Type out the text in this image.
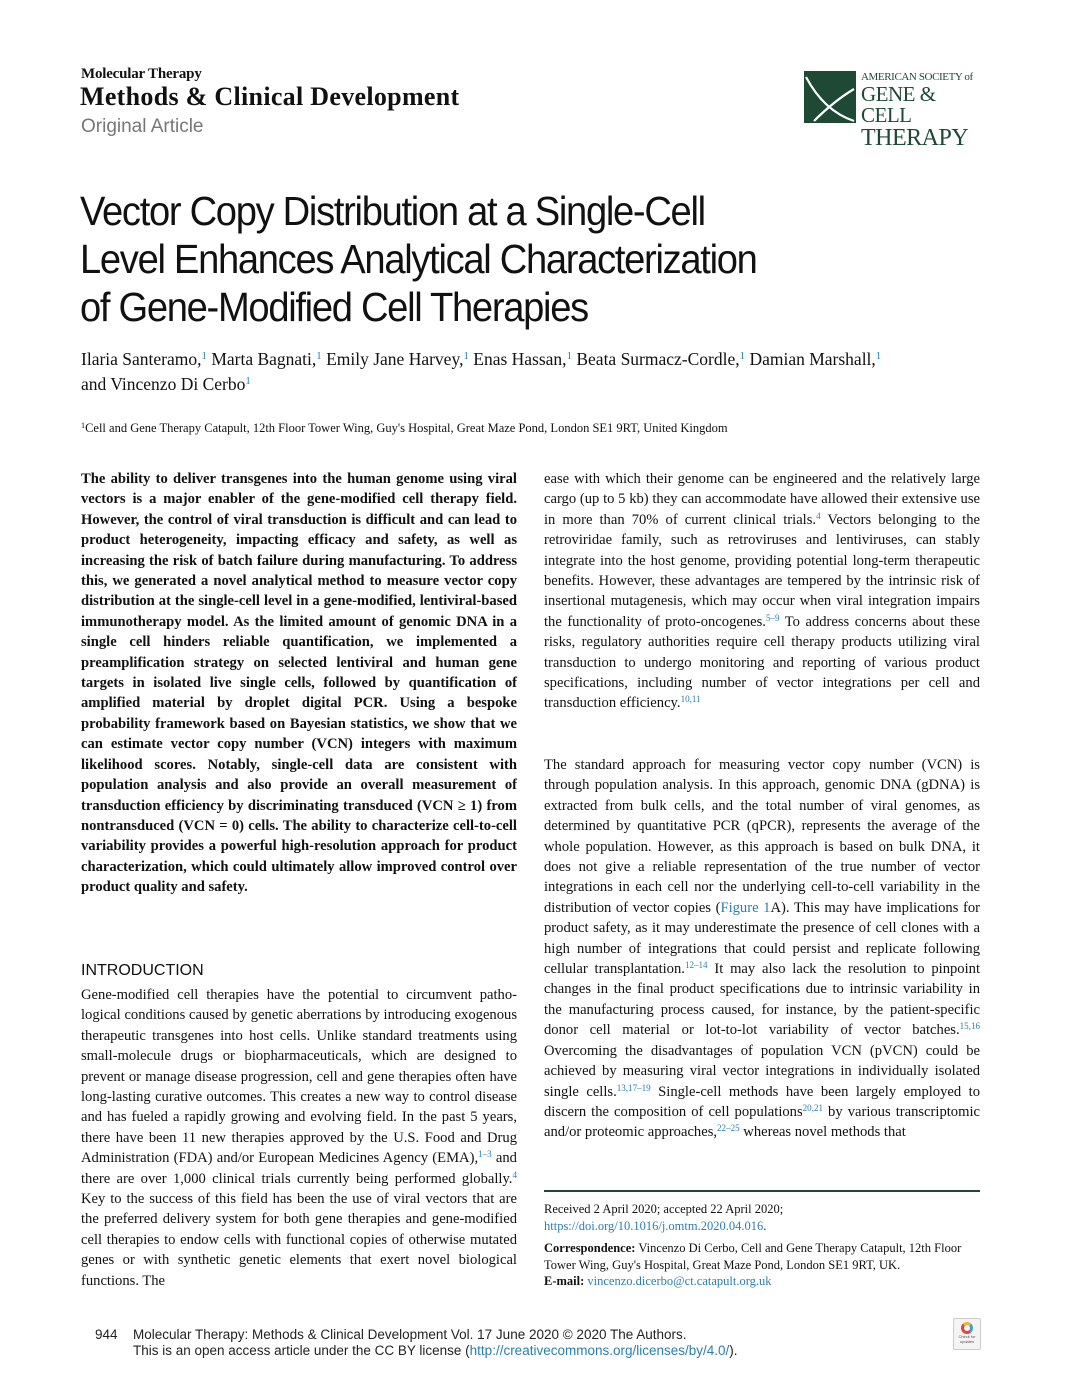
Molecular Therapy
Methods & Clinical Development
Original Article
AMERICAN SOCIETY of
GENE & CELL
THERAPY
Vector Copy Distribution at a Single-Cell
Level Enhances Analytical Characterization
of Gene-Modified Cell Therapies
Ilaria Santeramo,$^1$ Marta Bagnati,$^1$ Emily Jane Harvey,$^1$ Enas Hassan,$^1$ Beata Surmacz-Cordle,$^1$ Damian Marshall,$^1$
and Vincenzo Di Cerbo$^1$
$^1$Cell and Gene Therapy Catapult, 12th Floor Tower Wing, Guy's Hospital, Great Maze Pond, London SE1 9RT, United Kingdom
The ability to deliver transgenes into the human genome using viral vectors is a major enabler of the gene-modified cell therapy field. However, the control of viral transduction is difficult and can lead to product heterogeneity, impacting efficacy and safety, as well as increasing the risk of batch failure during manufacturing. To address this, we generated a novel analytical method to measure vector copy distribution at the single-cell level in a gene-modified, lentiviral-based immunotherapy model. As the limited amount of genomic DNA in a single cell hinders reliable quantification, we implemented a preamplification strategy on selected lentiviral and human gene targets in isolated live single cells, followed by quantification of amplified material by droplet digital PCR. Using a bespoke probability framework based on Bayesian statistics, we show that we can estimate vector copy number (VCN) integers with maximum likelihood scores. Notably, single-cell data are consistent with population analysis and also provide an overall measurement of transduction efficiency by discriminating transduced (VCN ≥ 1) from nontransduced (VCN = 0) cells. The ability to characterize cell-to-cell variability provides a powerful high-resolution approach for product characterization, which could ultimately allow improved control over product quality and safety.
INTRODUCTION
Gene-modified cell therapies have the potential to circumvent pathological conditions caused by genetic aberrations by introducing exogenous therapeutic transgenes into host cells. Unlike standard treatments using small-molecule drugs or biopharmaceuticals, which are designed to prevent or manage disease progression, cell and gene therapies often have long-lasting curative outcomes. This creates a new way to control disease and has fueled a rapidly growing and evolving field. In the past 5 years, there have been 11 new therapies approved by the U.S. Food and Drug Administration (FDA) and/or European Medicines Agency (EMA),$^{1-3}$ and there are over 1,000 clinical trials currently being performed globally.$^4$ Key to the success of this field has been the use of viral vectors that are the preferred delivery system for both gene therapies and gene-modified cell therapies to endow cells with functional copies of otherwise mutated genes or with synthetic genetic elements that exert novel biological functions. The
ease with which their genome can be engineered and the relatively large cargo (up to 5 kb) they can accommodate have allowed their extensive use in more than 70% of current clinical trials.$^4$ Vectors belonging to the retroviridae family, such as retroviruses and lentiviruses, can stably integrate into the host genome, providing potential long-term therapeutic benefits. However, these advantages are tempered by the intrinsic risk of insertional mutagenesis, which may occur when viral integration impairs the functionality of proto-oncogenes.$^{5-9}$ To address concerns about these risks, regulatory authorities require cell therapy products utilizing viral transduction to undergo monitoring and reporting of various product specifications, including number of vector integrations per cell and transduction efficiency.$^{10,11}$
The standard approach for measuring vector copy number (VCN) is through population analysis. In this approach, genomic DNA (gDNA) is extracted from bulk cells, and the total number of viral genomes, as determined by quantitative PCR (qPCR), represents the average of the whole population. However, as this approach is based on bulk DNA, it does not give a reliable representation of the true number of vector integrations in each cell nor the underlying cell-to-cell variability in the distribution of vector copies (Figure 1A). This may have implications for product safety, as it may underestimate the presence of cell clones with a high number of integrations that could persist and replicate following cellular transplantation.$^{12-14}$ It may also lack the resolution to pinpoint changes in the final product specifications due to intrinsic variability in the manufacturing process caused, for instance, by the patient-specific donor cell material or lot-to-lot variability of vector batches.$^{15,16}$ Overcoming the disadvantages of population VCN (pVCN) could be achieved by measuring viral vector integrations in individually isolated single cells.$^{13,17-19}$ Single-cell methods have been largely employed to discern the composition of cell populations$^{20,21}$ by various transcriptomic and/or proteomic approaches,$^{22-25}$ whereas novel methods that
Received 2 April 2020; accepted 22 April 2020;
https://doi.org/10.1016/j.omtm.2020.04.016.
Correspondence: Vincenzo Di Cerbo, Cell and Gene Therapy Catapult, 12th Floor Tower Wing, Guy's Hospital, Great Maze Pond, London SE1 9RT, UK.
E-mail: vincenzo.dicerbo@ct.catapult.org.uk
944 Molecular Therapy: Methods & Clinical Development Vol. 17 June 2020 © 2020 The Authors.
This is an open access article under the CC BY license (http://creativecommons.org/licenses/by/4.0/).
Check for updates
